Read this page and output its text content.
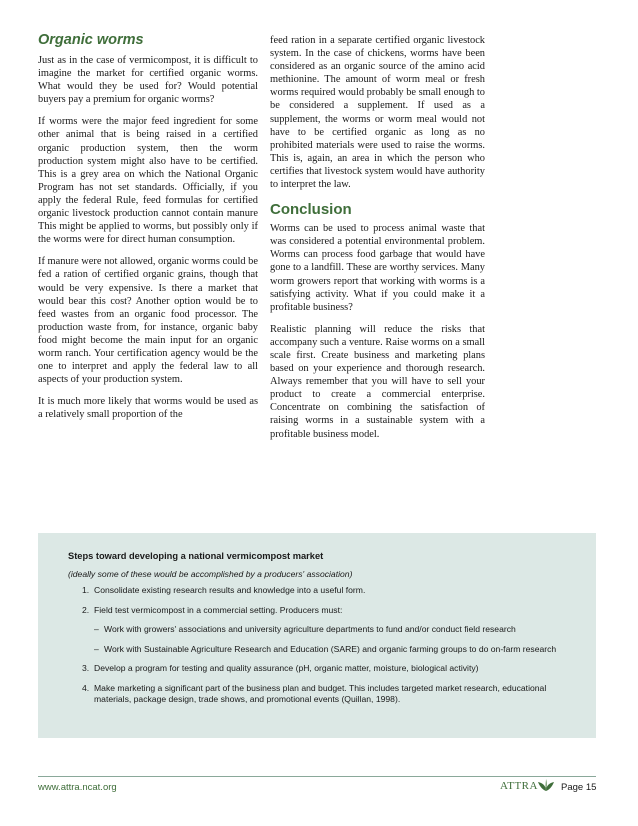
Organic worms

Just as in the case of vermicompost, it is difficult to imagine the market for certified organic worms. What would they be used for? Would potential buyers pay a premium for organic worms?

If worms were the major feed ingredient for some other animal that is being raised in a certified organic production system, then the worm production system might also have to be certified. This is a grey area on which the National Organic Program has not set standards. Officially, if you apply the federal Rule, feed formulas for certified organic livestock production cannot contain manure This might be applied to worms, but possibly only if the worms were for direct human consumption.

If manure were not allowed, organic worms could be fed a ration of certified organic grains, though that would be very expensive. Is there a market that would bear this cost? Another option would be to feed wastes from an organic food processor. The production waste from, for instance, organic baby food might become the main input for an organic worm ranch. Your certification agency would be the one to interpret and apply the federal law to all aspects of your production system.

It is much more likely that worms would be used as a relatively small proportion of the

feed ration in a separate certified organic livestock system. In the case of chickens, worms have been considered as an organic source of the amino acid methionine. The amount of worm meal or fresh worms required would probably be small enough to be considered a supplement. If used as a supplement, the worms or worm meal would not have to be certified organic as long as no prohibited materials were used to raise the worms. This is, again, an area in which the person who certifies that livestock system would have authority to interpret the law.

Conclusion

Worms can be used to process animal waste that was considered a potential environmental problem. Worms can process food garbage that would have gone to a landfill. These are worthy services. Many worm growers report that working with worms is a satisfying activity. What if you could make it a profitable business?

Realistic planning will reduce the risks that accompany such a venture. Raise worms on a small scale first. Create business and marketing plans based on your experience and thorough research. Always remember that you will have to sell your product to create a commercial enterprise. Concentrate on combining the satisfaction of raising worms in a sustainable system with a profitable business model.

Steps toward developing a national vermicompost market
(ideally some of these would be accomplished by a producers' association)
1. Consolidate existing research results and knowledge into a useful form.
2. Field test vermicompost in a commercial setting. Producers must:
– Work with growers' associations and university agriculture departments to fund and/or conduct field research
– Work with Sustainable Agriculture Research and Education (SARE) and organic farming groups to do on-farm research
3. Develop a program for testing and quality assurance (pH, organic matter, moisture, biological activity)
4. Make marketing a significant part of the business plan and budget. This includes targeted market research, educational materials, package design, trade shows, and promotional events (Quillan, 1998).
www.attra.ncat.org	ATTRA Page 15
